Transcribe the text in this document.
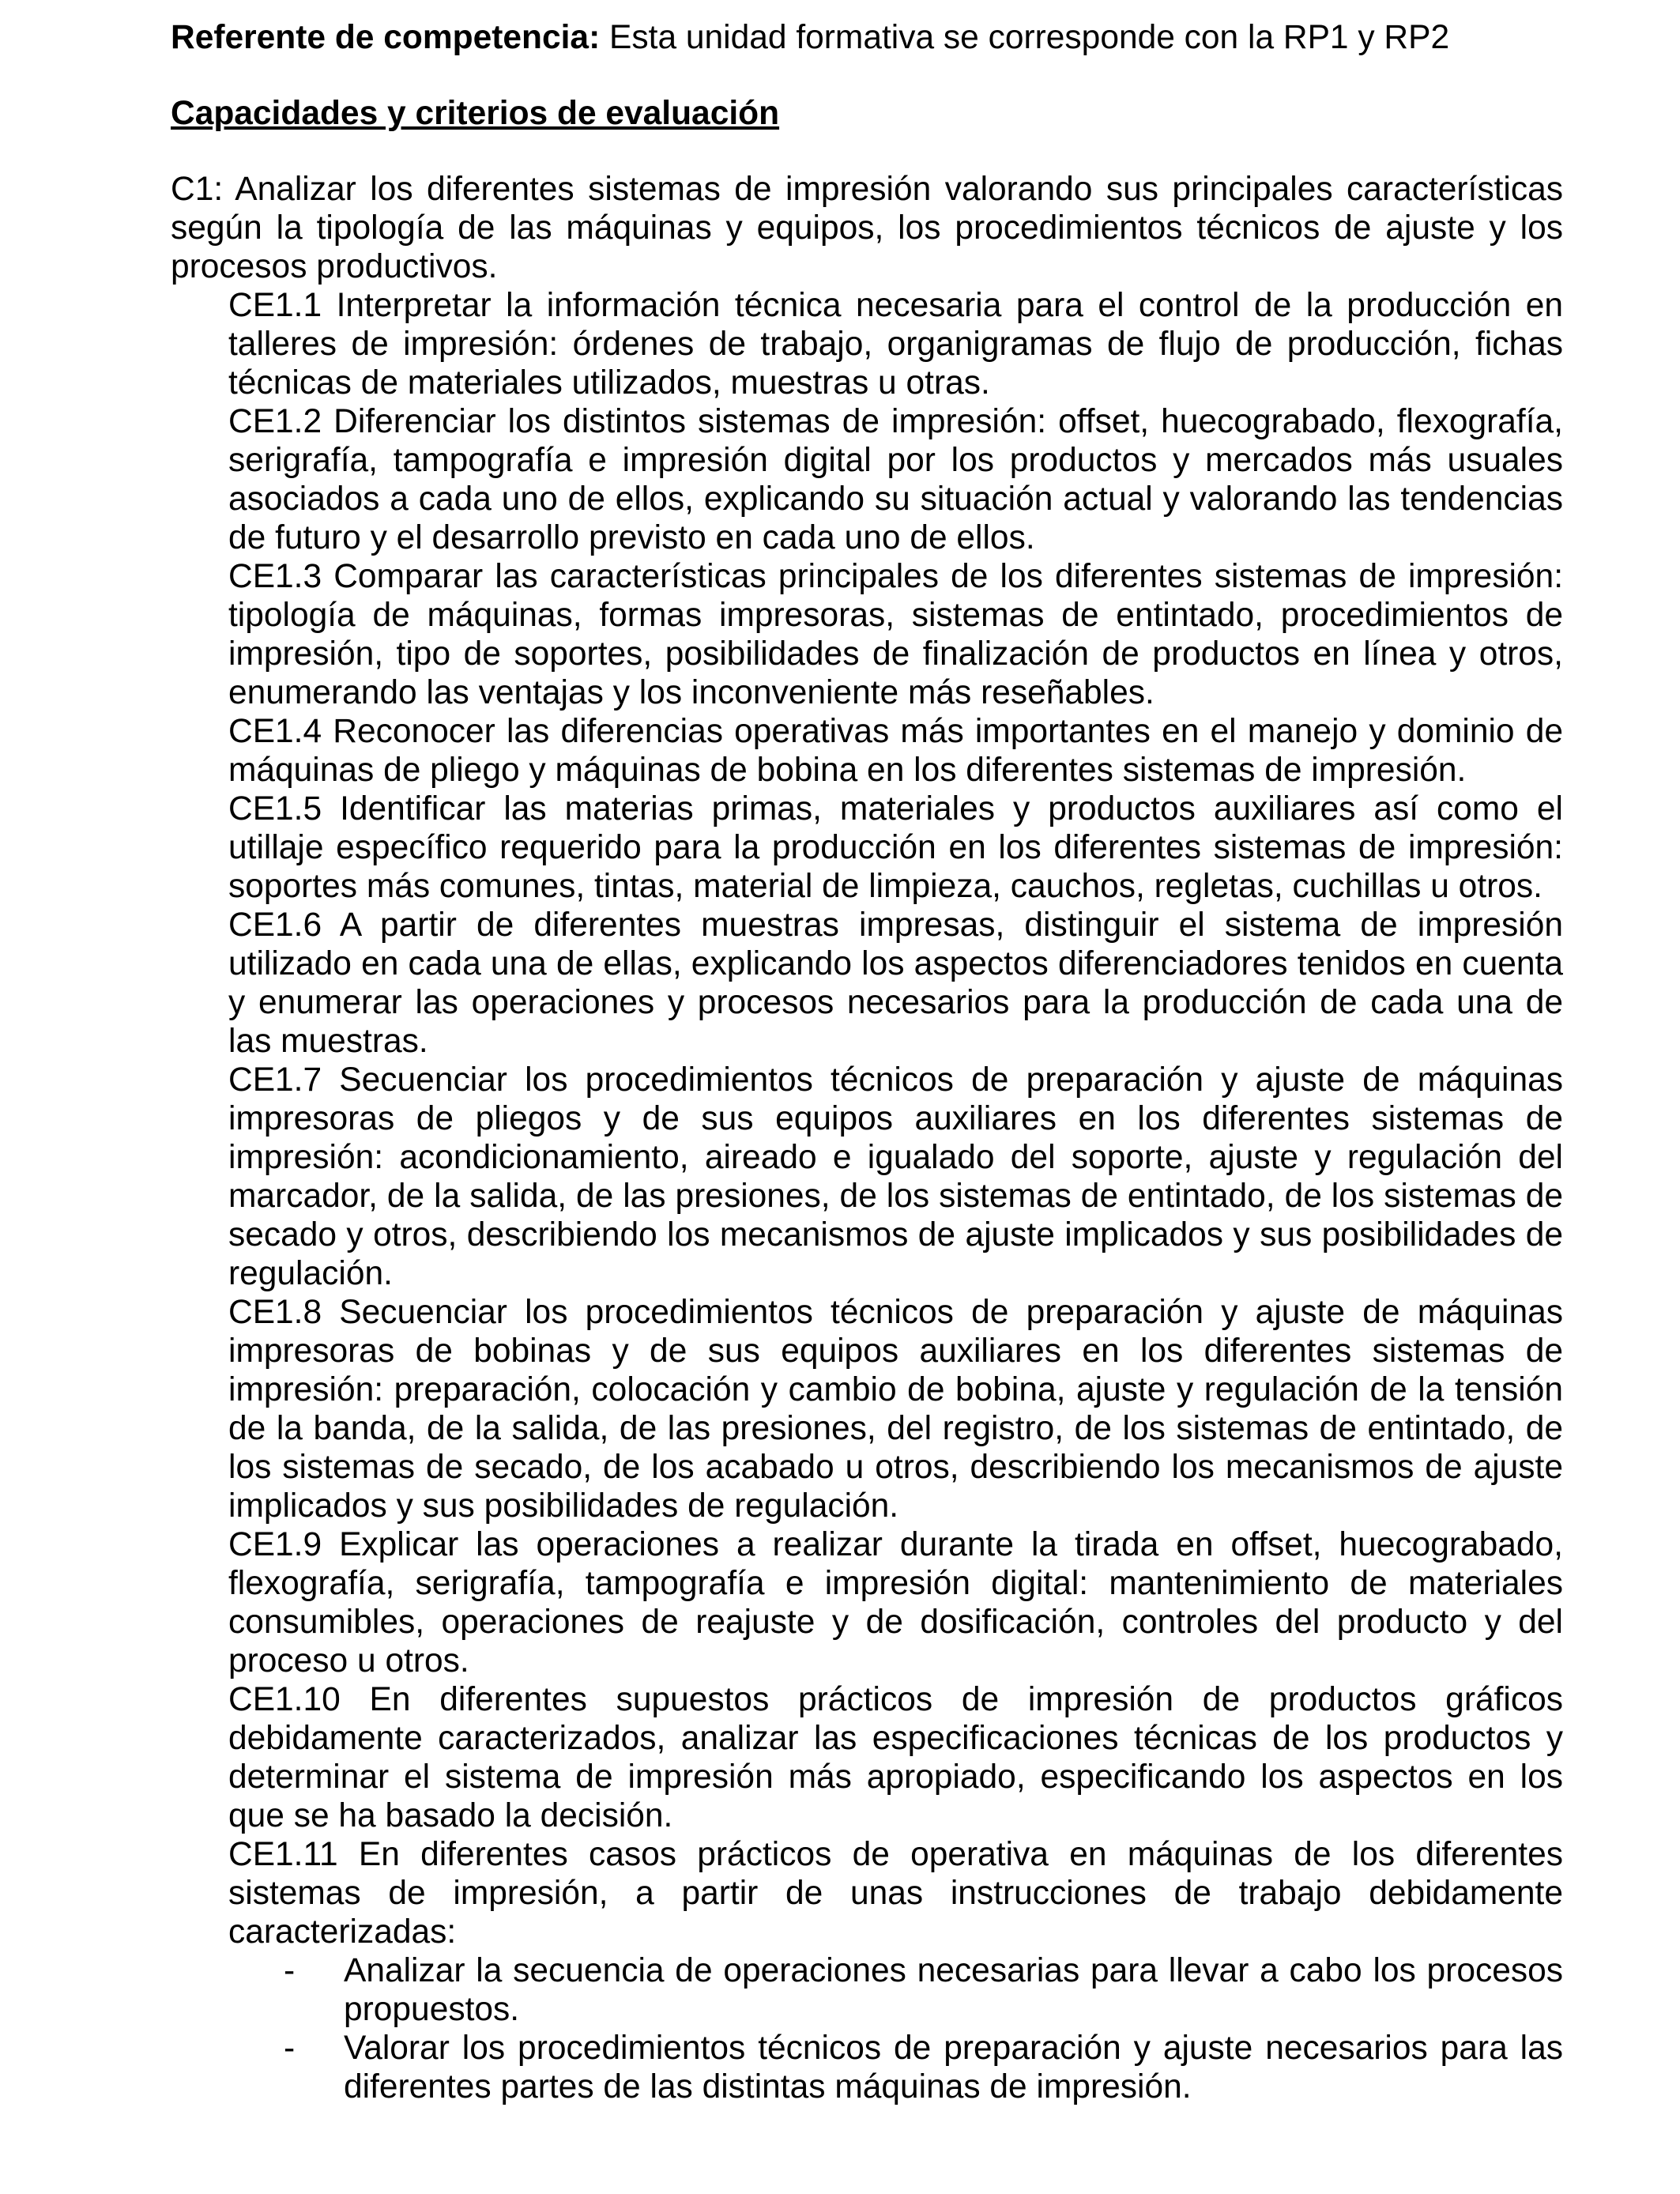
Referente de competencia: Esta unidad formativa se corresponde con la RP1 y RP2

Capacidades y criterios de evaluación

C1: Analizar los diferentes sistemas de impresión valorando sus principales características según la tipología de las máquinas y equipos, los procedimientos técnicos de ajuste y los procesos productivos.

CE1.1 Interpretar la información técnica necesaria para el control de la producción en talleres de impresión: órdenes de trabajo, organigramas de flujo de producción, fichas técnicas de materiales utilizados, muestras u otras.
CE1.2 Diferenciar los distintos sistemas de impresión: offset, huecograbado, flexografía, serigrafía, tampografía e impresión digital por los productos y mercados más usuales asociados a cada uno de ellos, explicando su situación actual y valorando las tendencias de futuro y el desarrollo previsto en cada uno de ellos.
CE1.3 Comparar las características principales de los diferentes sistemas de impresión: tipología de máquinas, formas impresoras, sistemas de entintado, procedimientos de impresión, tipo de soportes, posibilidades de finalización de productos en línea y otros, enumerando las ventajas y los inconveniente más reseñables.
CE1.4 Reconocer las diferencias operativas más importantes en el manejo y dominio de máquinas de pliego y máquinas de bobina en los diferentes sistemas de impresión.
CE1.5 Identificar las materias primas, materiales y productos auxiliares así como el utillaje específico requerido para la producción en los diferentes sistemas de impresión: soportes más comunes, tintas, material de limpieza, cauchos, regletas, cuchillas u otros.
CE1.6 A partir de diferentes muestras impresas, distinguir el sistema de impresión utilizado en cada una de ellas, explicando los aspectos diferenciadores tenidos en cuenta y enumerar las operaciones y procesos necesarios para la producción de cada una de las muestras.
CE1.7 Secuenciar los procedimientos técnicos de preparación y ajuste de máquinas impresoras de pliegos y de sus equipos auxiliares en los diferentes sistemas de impresión: acondicionamiento, aireado e igualado del soporte, ajuste y regulación del marcador, de la salida, de las presiones, de los sistemas de entintado, de los sistemas de secado y otros, describiendo los mecanismos de ajuste implicados y sus posibilidades de regulación.
CE1.8 Secuenciar los procedimientos técnicos de preparación y ajuste de máquinas impresoras de bobinas y de sus equipos auxiliares en los diferentes sistemas de impresión: preparación, colocación y cambio de bobina, ajuste y regulación de la tensión de la banda, de la salida, de las presiones, del registro, de los sistemas de entintado, de los sistemas de secado, de los acabado u otros, describiendo los mecanismos de ajuste implicados y sus posibilidades de regulación.
CE1.9 Explicar las operaciones a realizar durante la tirada en offset, huecograbado, flexografía, serigrafía, tampografía e impresión digital: mantenimiento de materiales consumibles, operaciones de reajuste y de dosificación, controles del producto y del proceso u otros.
CE1.10 En diferentes supuestos prácticos de impresión de productos gráficos debidamente caracterizados, analizar las especificaciones técnicas de los productos y determinar el sistema de impresión más apropiado, especificando los aspectos en los que se ha basado la decisión.
CE1.11 En diferentes casos prácticos de operativa en máquinas de los diferentes sistemas de impresión, a partir de unas instrucciones de trabajo debidamente caracterizadas:
-	Analizar la secuencia de operaciones necesarias para llevar a cabo los procesos propuestos.
-	Valorar los procedimientos técnicos de preparación y ajuste necesarios para las diferentes partes de las distintas máquinas de impresión.
